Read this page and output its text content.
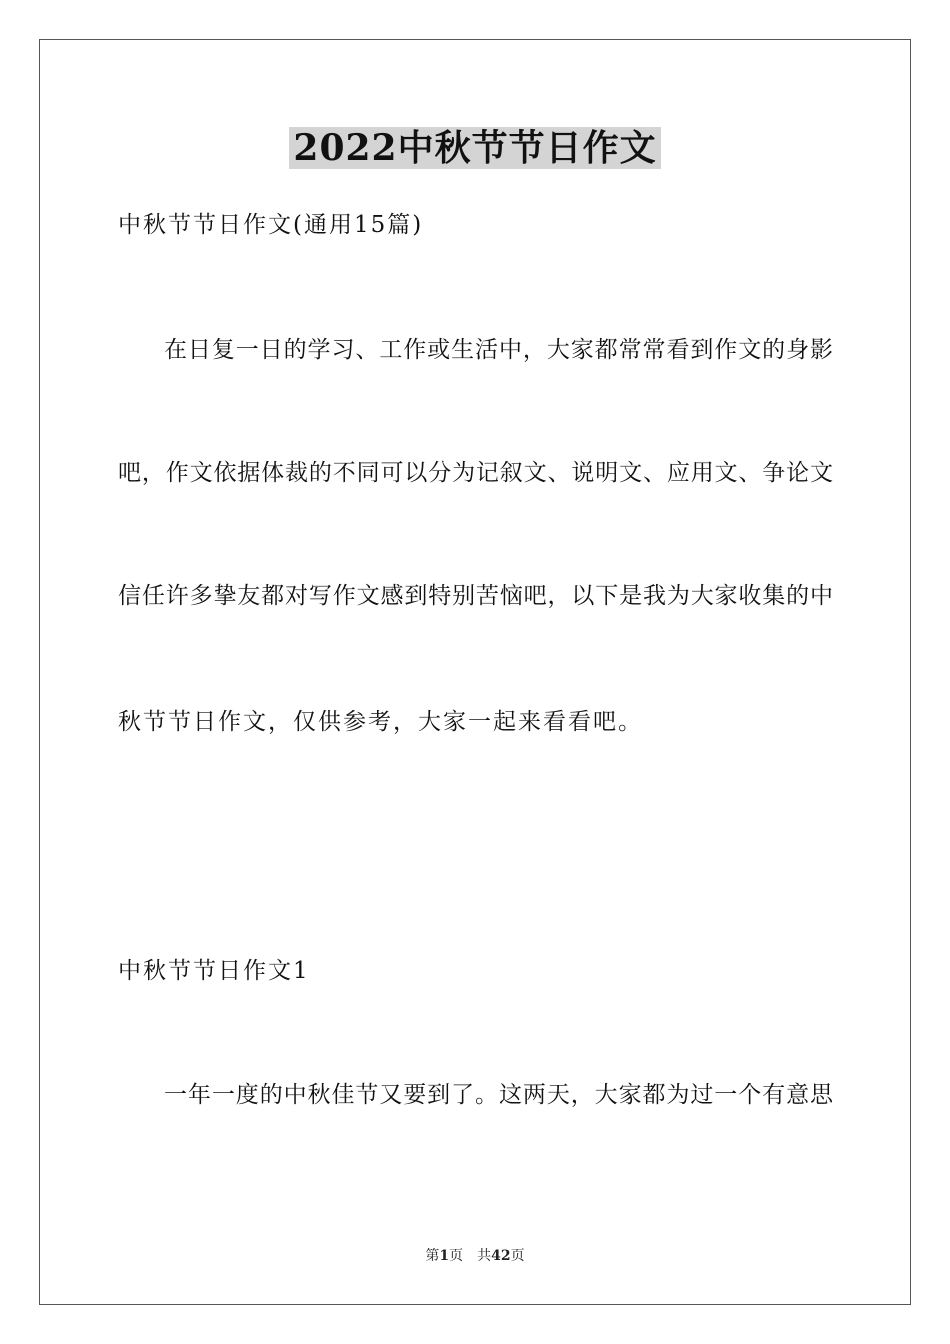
2022中秋节节日作文
中秋节节日作文(通用15篇)
在日复一日的学习、工作或生活中，大家都常常看到作文的身影
吧，作文依据体裁的不同可以分为记叙文、说明文、应用文、争论文
信任许多挚友都对写作文感到特别苦恼吧，以下是我为大家收集的中
秋节节日作文，仅供参考，大家一起来看看吧。
中秋节节日作文1
一年一度的中秋佳节又要到了。这两天，大家都为过一个有意思
第1页　共42页
